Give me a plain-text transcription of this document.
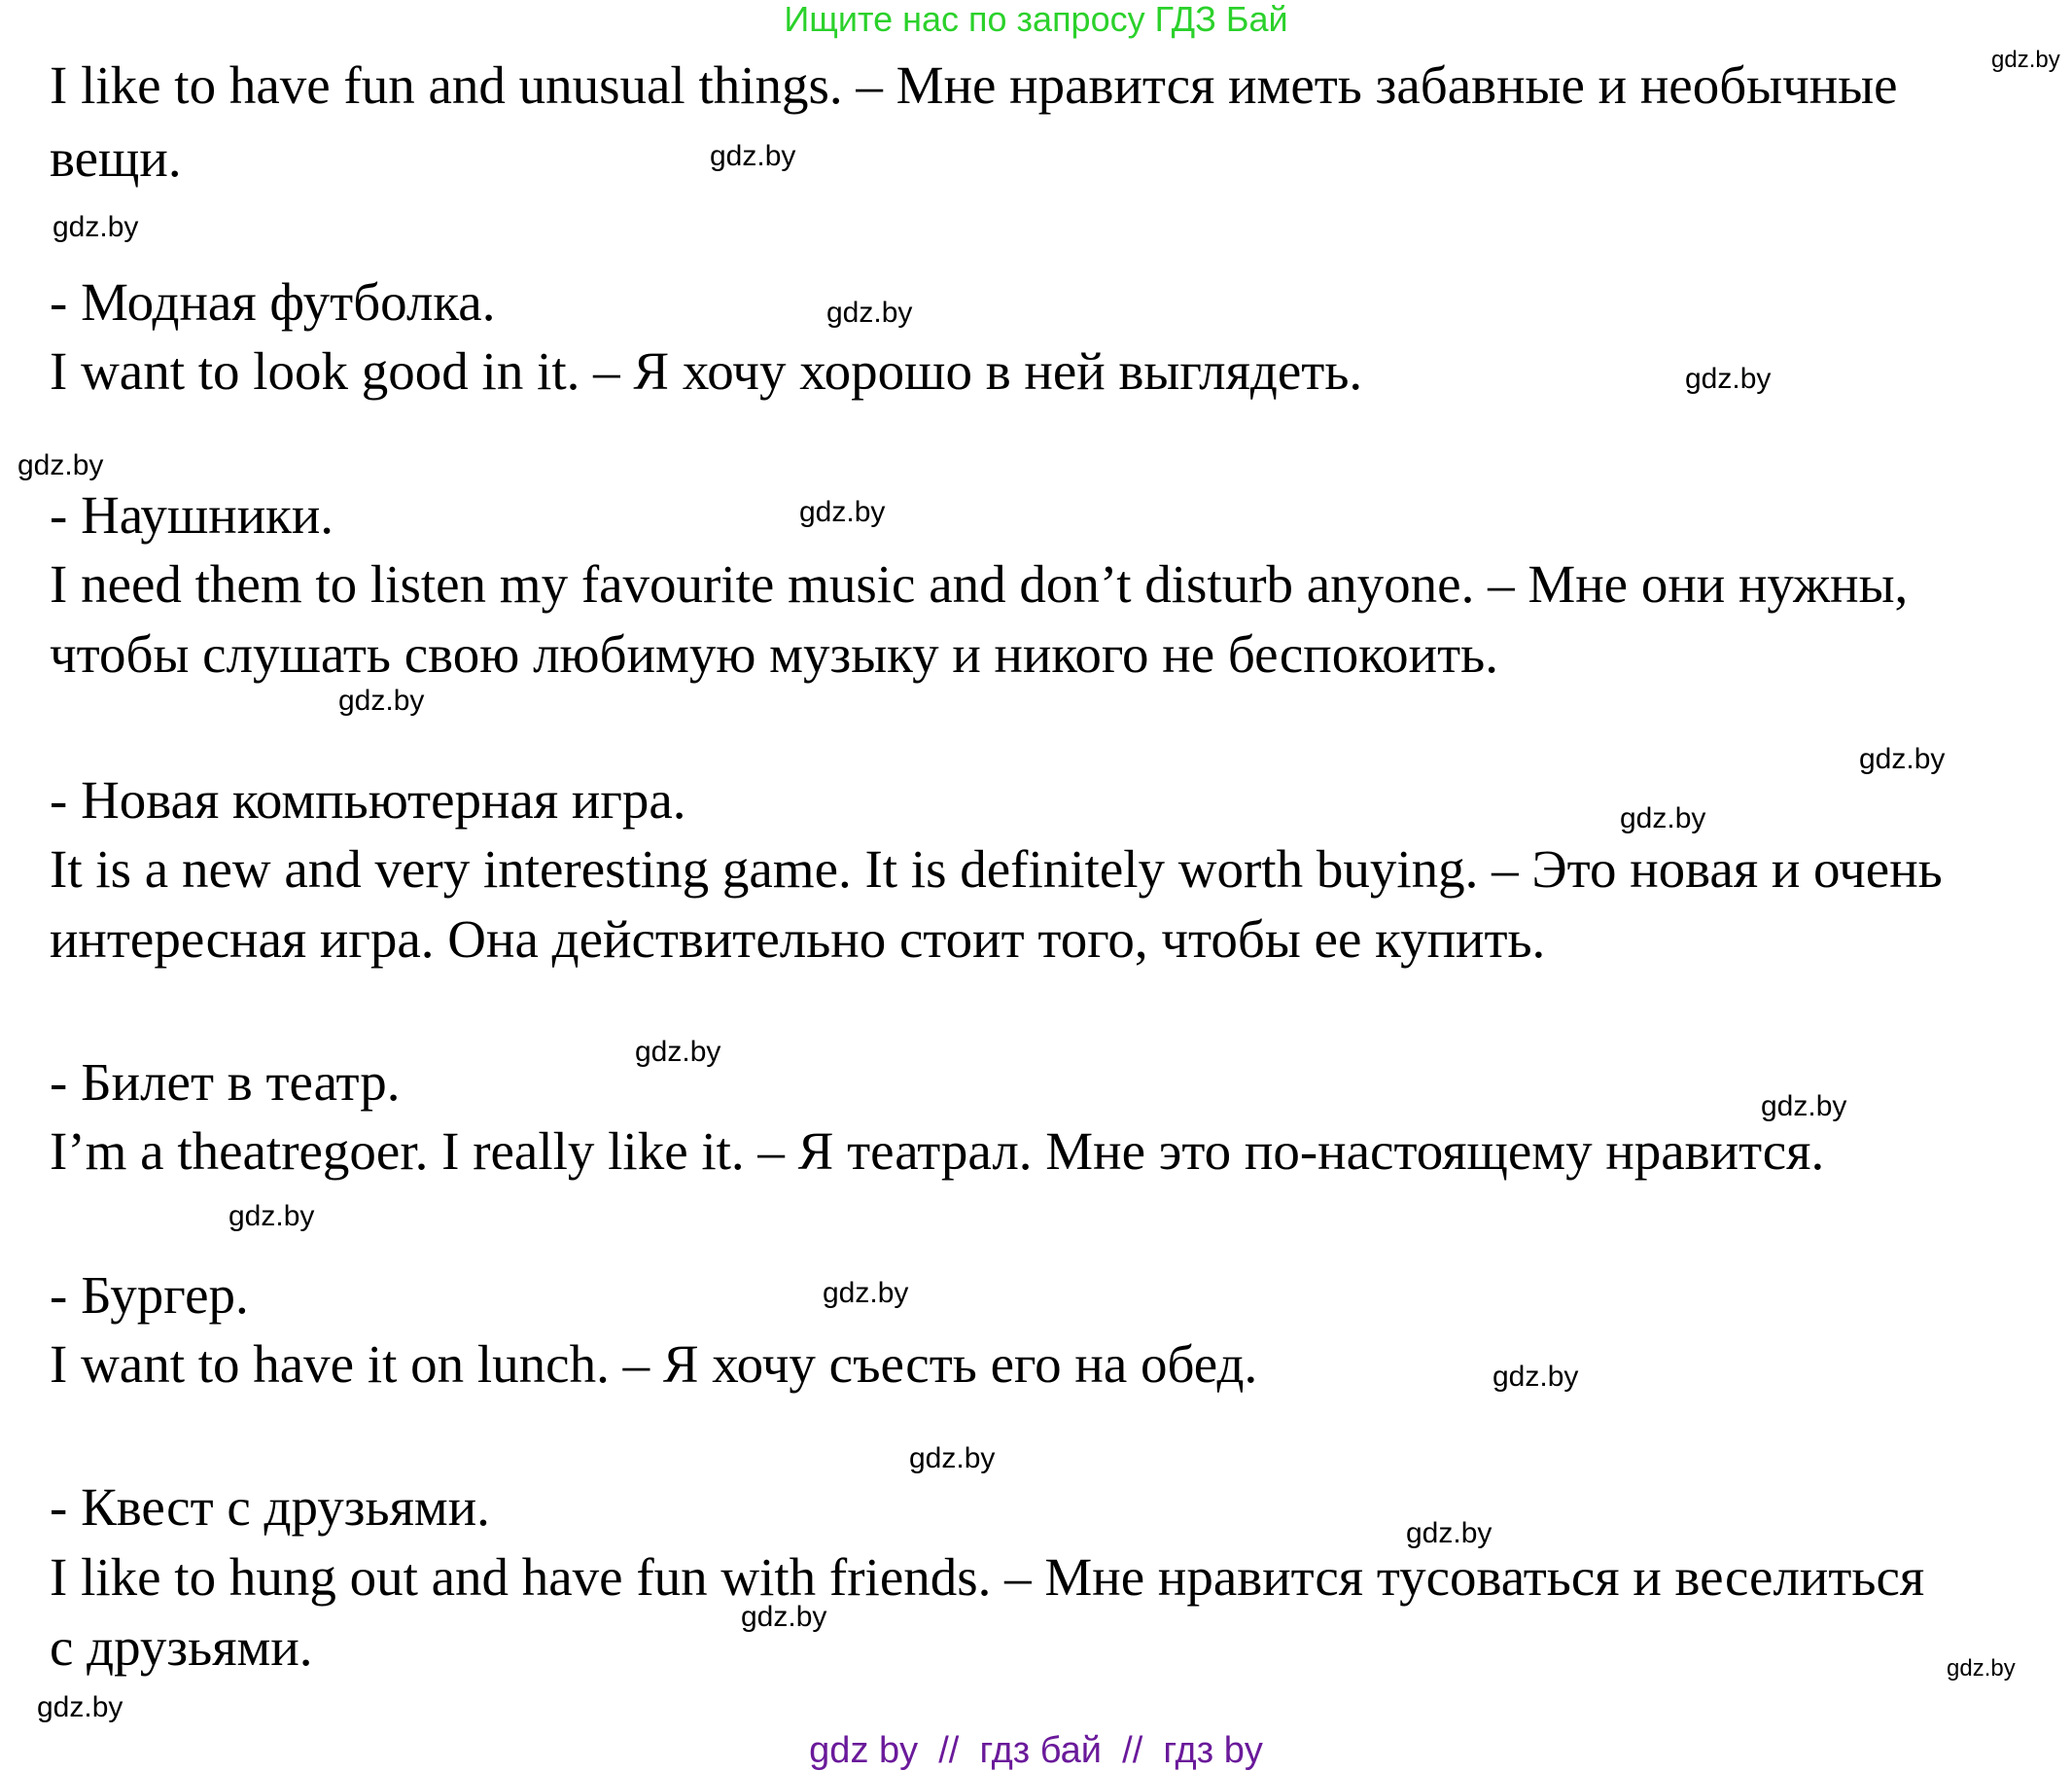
Ищите нас по запросу ГДЗ Бай
I like to have fun and unusual things. – Мне нравится иметь забавные и необычные
вещи.
- Модная футболка.
I want to look good in it. – Я хочу хорошо в ней выглядеть.
- Наушники.
I need them to listen my favourite music and don’t disturb anyone. – Мне они нужны,
чтобы слушать свою любимую музыку и никого не беспокоить.
- Новая компьютерная игра.
It is a new and very interesting game. It is definitely worth buying. – Это новая и очень
интересная игра. Она действительно стоит того, чтобы ее купить.
- Билет в театр.
I’m a theatregoer. I really like it. – Я театрал. Мне это по-настоящему нравится.
- Бургер.
I want to have it on lunch. – Я хочу съесть его на обед.
- Квест с друзьями.
I like to hung out and have fun with friends. – Мне нравится тусоваться и веселиться
с друзьями.
gdz.by
gdz.by
gdz.by
gdz.by
gdz.by
gdz.by
gdz.by
gdz.by
gdz.by
gdz.by
gdz.by
gdz.by
gdz.by
gdz.by
gdz.by
gdz.by
gdz.by
gdz.by
gdz.by
gdz.by
gdz by  //  гдз бай  //  гдз by
